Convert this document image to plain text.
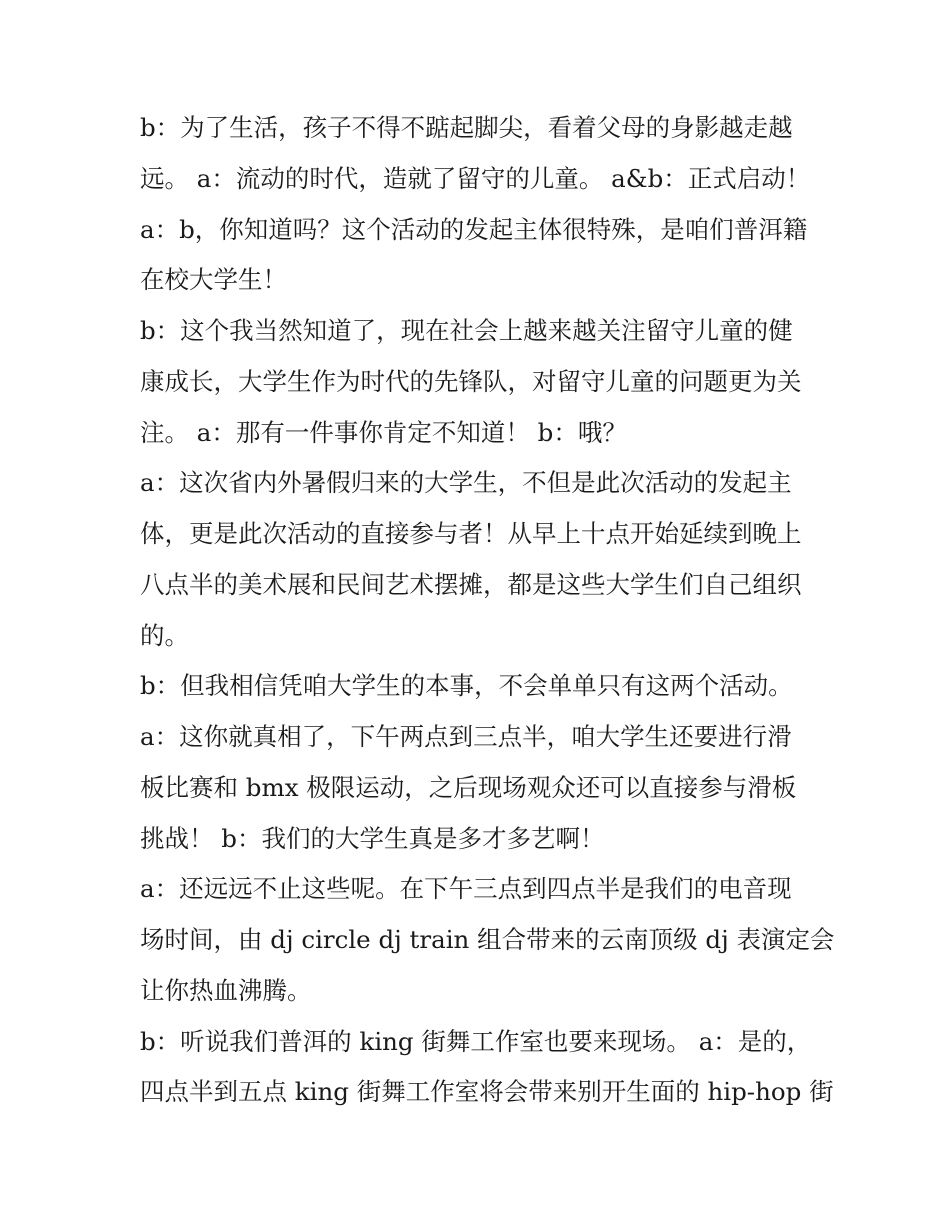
b：为了生活，孩子不得不踮起脚尖，看着父母的身影越走越
远。 a：流动的时代，造就了留守的儿童。 a&b：正式启动！
a：b，你知道吗？这个活动的发起主体很特殊，是咱们普洱籍
在校大学生！
b：这个我当然知道了，现在社会上越来越关注留守儿童的健
康成长，大学生作为时代的先锋队，对留守儿童的问题更为关
注。 a：那有一件事你肯定不知道！ b：哦？
a：这次省内外暑假归来的大学生，不但是此次活动的发起主
体，更是此次活动的直接参与者！从早上十点开始延续到晚上
八点半的美术展和民间艺术摆摊，都是这些大学生们自己组织
的。
b：但我相信凭咱大学生的本事，不会单单只有这两个活动。
a：这你就真相了，下午两点到三点半，咱大学生还要进行滑
板比赛和 bmx 极限运动，之后现场观众还可以直接参与滑板
挑战！ b：我们的大学生真是多才多艺啊！
a：还远远不止这些呢。在下午三点到四点半是我们的电音现
场时间，由 dj circle dj train 组合带来的云南顶级 dj 表演定会
让你热血沸腾。
b：听说我们普洱的 king 街舞工作室也要来现场。 a：是的，
四点半到五点 king 街舞工作室将会带来别开生面的 hip-hop 街
